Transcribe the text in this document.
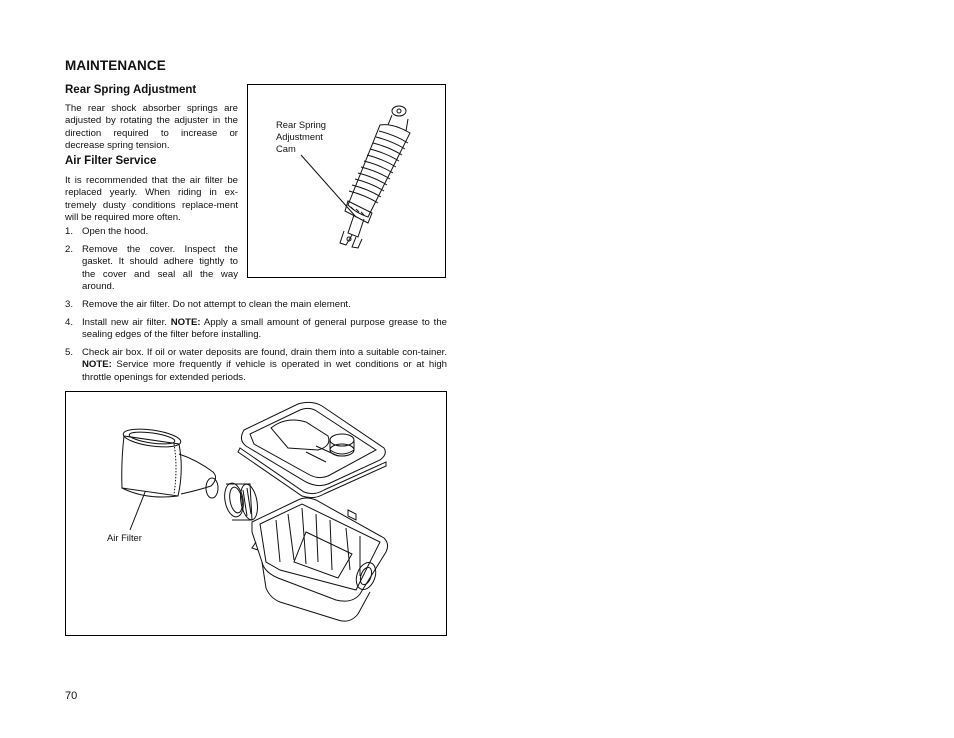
MAINTENANCE
Rear Spring Adjustment
The rear shock absorber springs are adjusted by rotating the adjuster in the direction required to increase or decrease spring tension.
Air Filter Service
It is recommended that the air filter be replaced yearly. When riding in ex-tremely dusty conditions replace-ment will be required more often.
1. Open the hood.
2. Remove the cover. Inspect the gasket. It should adhere tightly to the cover and seal all the way around.
3. Remove the air filter. Do not attempt to clean the main element.
4. Install new air filter. NOTE: Apply a small amount of general purpose grease to the sealing edges of the filter before installing.
5. Check air box. If oil or water deposits are found, drain them into a suitable con-tainer. NOTE: Service more frequently if vehicle is operated in wet conditions or at high throttle openings for extended periods.
Rear Spring
Adjustment
Cam
Air Filter
70
